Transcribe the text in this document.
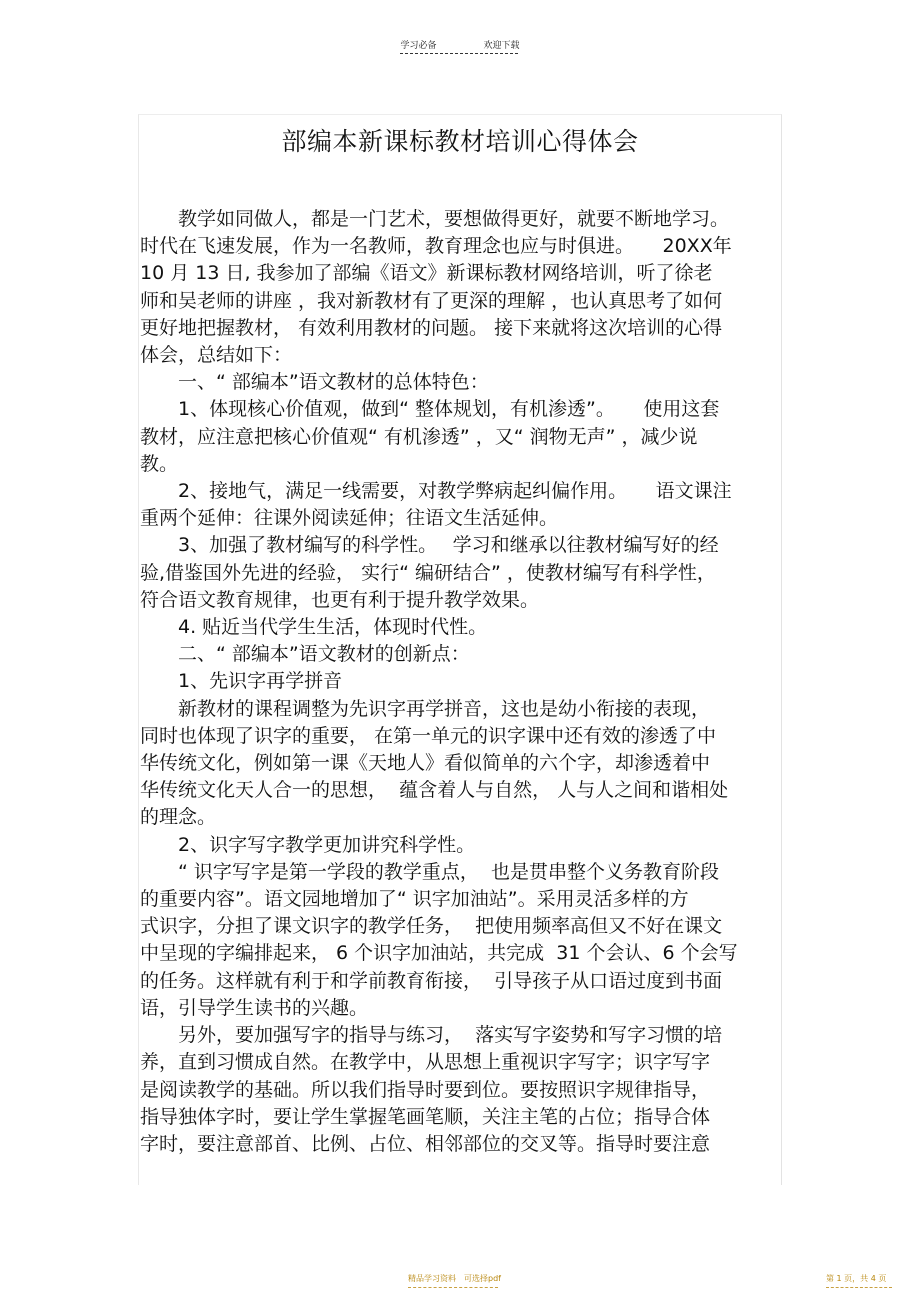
学习必备	欢迎下载
部编本新课标教材培训心得体会
　　教学如同做人，都是一门艺术，要想做得更好，就要不断地学习。
时代在飞速发展，作为一名教师，教育理念也应与时俱进。　　20XX年
10 月 13 日, 我参加了部编《语文》新课标教材网络培训，听了徐老
师和吴老师的讲座 ，我对新教材有了更深的理解 ，也认真思考了如何
更好地把握教材， 有效利用教材的问题。 接下来就将这次培训的心得
体会，总结如下：
　　一、“ 部编本”语文教材的总体特色：
　　1、体现核心价值观，做到“ 整体规划，有机渗透”。　　使用这套
教材，应注意把核心价值观“ 有机渗透” ，又“ 润物无声” ，减少说
教。
　　2、接地气，满足一线需要，对教学弊病起纠偏作用。　　语文课注
重两个延伸：往课外阅读延伸；往语文生活延伸。
　　3、加强了教材编写的科学性。　 学习和继承以往教材编写好的经
验,借鉴国外先进的经验， 实行“ 编研结合” ，使教材编写有科学性，
符合语文教育规律，也更有利于提升教学效果。
　　4. 贴近当代学生生活，体现时代性。
　　二、“ 部编本”语文教材的创新点：
　　1、先识字再学拼音
　　新教材的课程调整为先识字再学拼音，这也是幼小衔接的表现，
同时也体现了识字的重要， 在第一单元的识字课中还有效的渗透了中
华传统文化，例如第一课《天地人》看似简单的六个字，却渗透着中
华传统文化天人合一的思想，  蕴含着人与自然， 人与人之间和谐相处
的理念。
　　2、识字写字教学更加讲究科学性。
　　“ 识字写字是第一学段的教学重点，  也是贯串整个义务教育阶段
的重要内容”。语文园地增加了“ 识字加油站”。采用灵活多样的方
式识字，分担了课文识字的教学任务，  把使用频率高但又不好在课文
中呈现的字编排起来， 6 个识字加油站，共完成  31 个会认、6 个会写
的任务。这样就有利于和学前教育衔接，  引导孩子从口语过度到书面
语，引导学生读书的兴趣。
　　另外，要加强写字的指导与练习，  落实写字姿势和写字习惯的培
养，直到习惯成自然。在教学中，从思想上重视识字写字；识字写字
是阅读教学的基础。所以我们指导时要到位。要按照识字规律指导，
指导独体字时，要让学生掌握笔画笔顺，关注主笔的占位；指导合体
字时，要注意部首、比例、占位、相邻部位的交叉等。指导时要注意
精品学习资料　可选择pdf	第 1 页，共 4 页
